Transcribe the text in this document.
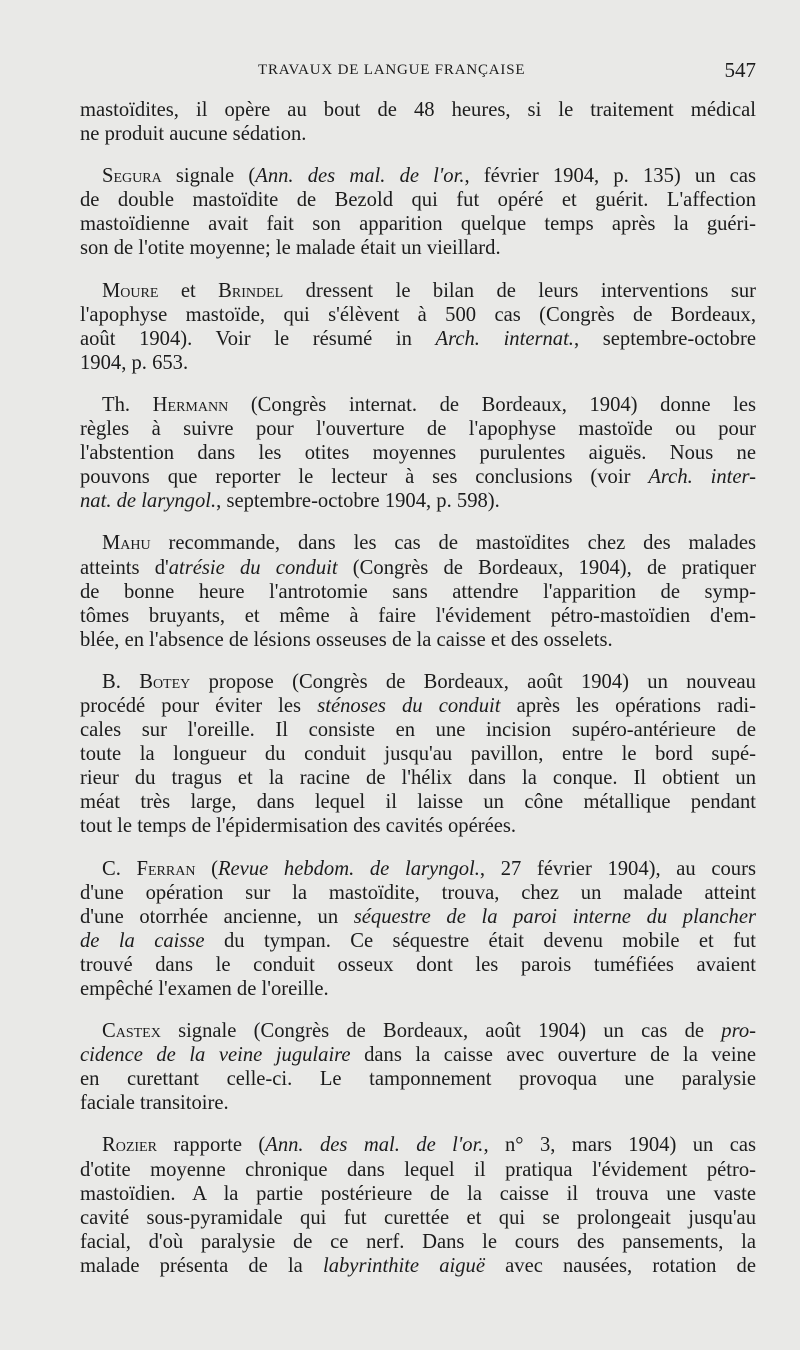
TRAVAUX DE LANGUE FRANÇAISE	547

mastoïdites, il opère au bout de 48 heures, si le traitement médical
ne produit aucune sédation.

Segura signale (Ann. des mal. de l'or., février 1904, p. 135) un cas
de double mastoïdite de Bezold qui fut opéré et guérit. L'affection
mastoïdienne avait fait son apparition quelque temps après la guéri-
son de l'otite moyenne; le malade était un vieillard.

Moure et Brindel dressent le bilan de leurs interventions sur
l'apophyse mastoïde, qui s'élèvent à 500 cas (Congrès de Bordeaux,
août 1904). Voir le résumé in Arch. internat., septembre-octobre
1904, p. 653.

Th. Hermann (Congrès internat. de Bordeaux, 1904) donne les
règles à suivre pour l'ouverture de l'apophyse mastoïde ou pour
l'abstention dans les otites moyennes purulentes aiguës. Nous ne
pouvons que reporter le lecteur à ses conclusions (voir Arch. inter-
nat. de laryngol., septembre-octobre 1904, p. 598).

Mahu recommande, dans les cas de mastoïdites chez des malades
atteints d'atrésie du conduit (Congrès de Bordeaux, 1904), de pratiquer
de bonne heure l'antrotomie sans attendre l'apparition de symp-
tômes bruyants, et même à faire l'évidement pétro-mastoïdien d'em-
blée, en l'absence de lésions osseuses de la caisse et des osselets.

B. Botey propose (Congrès de Bordeaux, août 1904) un nouveau
procédé pour éviter les sténoses du conduit après les opérations radi-
cales sur l'oreille. Il consiste en une incision supéro-antérieure de
toute la longueur du conduit jusqu'au pavillon, entre le bord supé-
rieur du tragus et la racine de l'hélix dans la conque. Il obtient un
méat très large, dans lequel il laisse un cône métallique pendant
tout le temps de l'épidermisation des cavités opérées.

C. Ferran (Revue hebdom. de laryngol., 27 février 1904), au cours
d'une opération sur la mastoïdite, trouva, chez un malade atteint
d'une otorrhée ancienne, un séquestre de la paroi interne du plancher
de la caisse du tympan. Ce séquestre était devenu mobile et fut
trouvé dans le conduit osseux dont les parois tuméfiées avaient
empêché l'examen de l'oreille.

Castex signale (Congrès de Bordeaux, août 1904) un cas de pro-
cidence de la veine jugulaire dans la caisse avec ouverture de la veine
en curettant celle-ci. Le tamponnement provoqua une paralysie
faciale transitoire.

Rozier rapporte (Ann. des mal. de l'or., n° 3, mars 1904) un cas
d'otite moyenne chronique dans lequel il pratiqua l'évidement pétro-
mastoïdien. A la partie postérieure de la caisse il trouva une vaste
cavité sous-pyramidale qui fut curettée et qui se prolongeait jusqu'au
facial, d'où paralysie de ce nerf. Dans le cours des pansements, la
malade présenta de la labyrinthite aiguë avec nausées, rotation de
